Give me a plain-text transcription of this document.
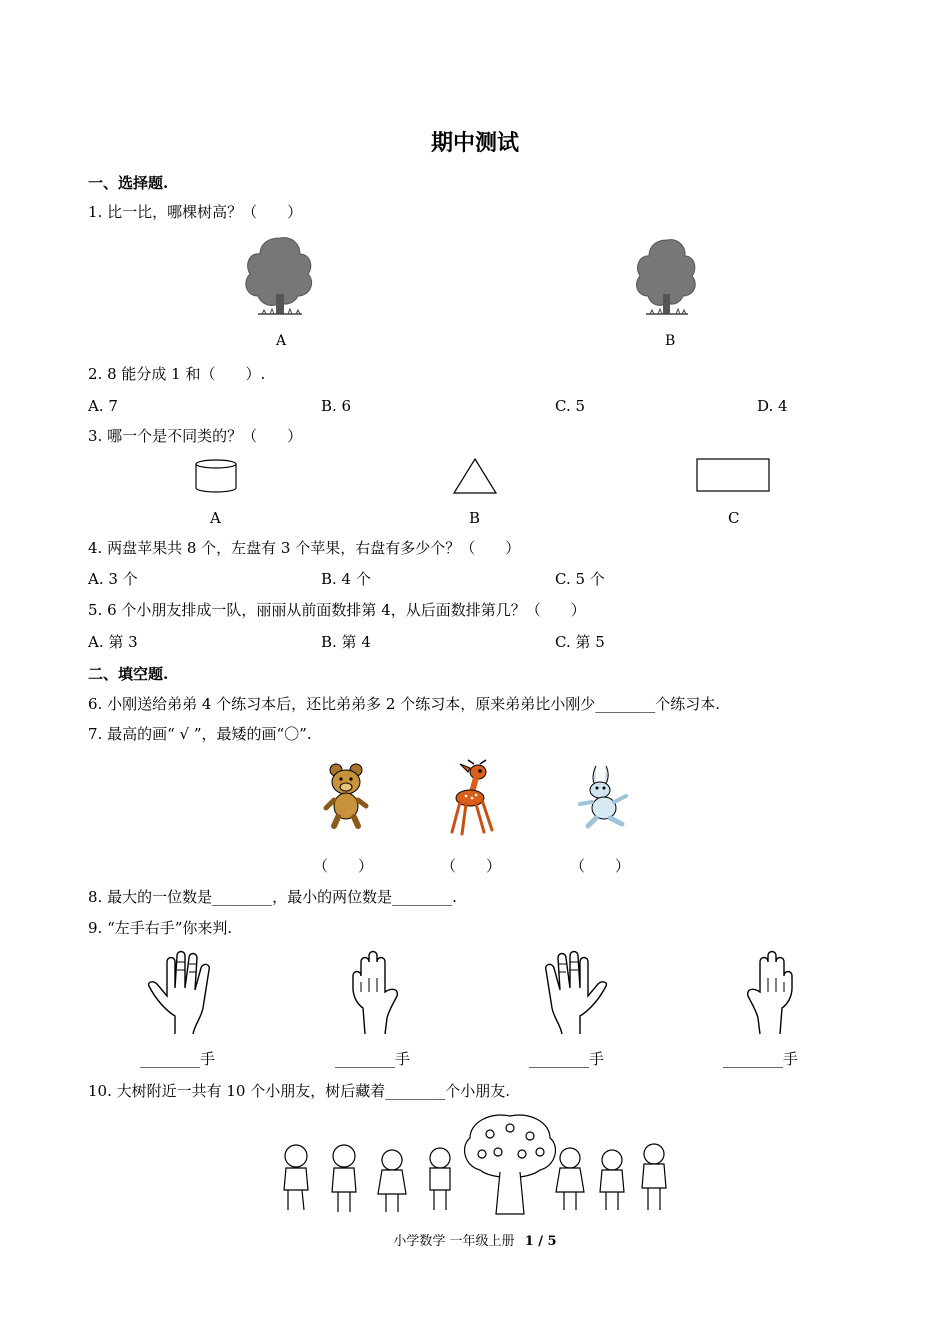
期中测试
一、选择题.
1. 比一比，哪棵树高？（　　）
A	B
2. 8 能分成 1 和（　　）.
A. 7	B. 6	C. 5	D. 4
3. 哪一个是不同类的？（　　）
A	B	C
4. 两盘苹果共 8 个，左盘有 3 个苹果，右盘有多少个？（　　）
A. 3 个	B. 4 个	C. 5 个
5. 6 个小朋友排成一队，丽丽从前面数排第 4，从后面数排第几？（　　）
A. 第 3	B. 第 4	C. 第 5
二、填空题.
6. 小刚送给弟弟 4 个练习本后，还比弟弟多 2 个练习本，原来弟弟比小刚少________个练习本.
7. 最高的画“ √ ”，最矮的画“〇”.
（　　）	（　　）	（　　）
8. 最大的一位数是________，最小的两位数是________.
9. “左手右手”你来判.
________手	________手	________手	________手
10. 大树附近一共有 10 个小朋友，树后藏着________个小朋友.
小学数学 一年级上册 1 / 5
